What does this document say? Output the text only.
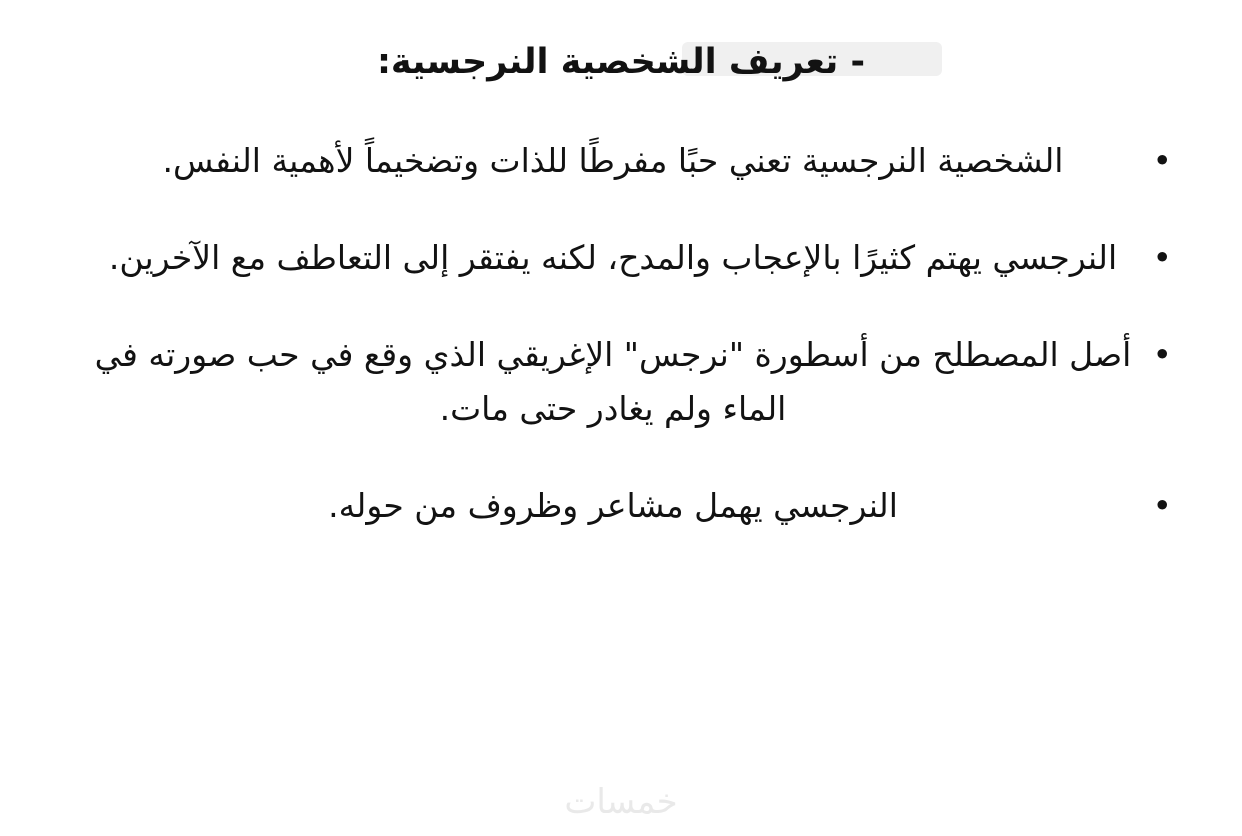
- تعريف الشخصية النرجسية:
•
الشخصية النرجسية تعني حبًا مفرطًا للذات وتضخيماً لأهمية النفس.
•
النرجسي يهتم كثيرًا بالإعجاب والمدح، لكنه يفتقر إلى التعاطف مع الآخرين.
•
أصل المصطلح من أسطورة "نرجس" الإغريقي الذي وقع في حب صورته في الماء ولم يغادر حتى مات.
•
النرجسي يهمل مشاعر وظروف من حوله.
خمسات
